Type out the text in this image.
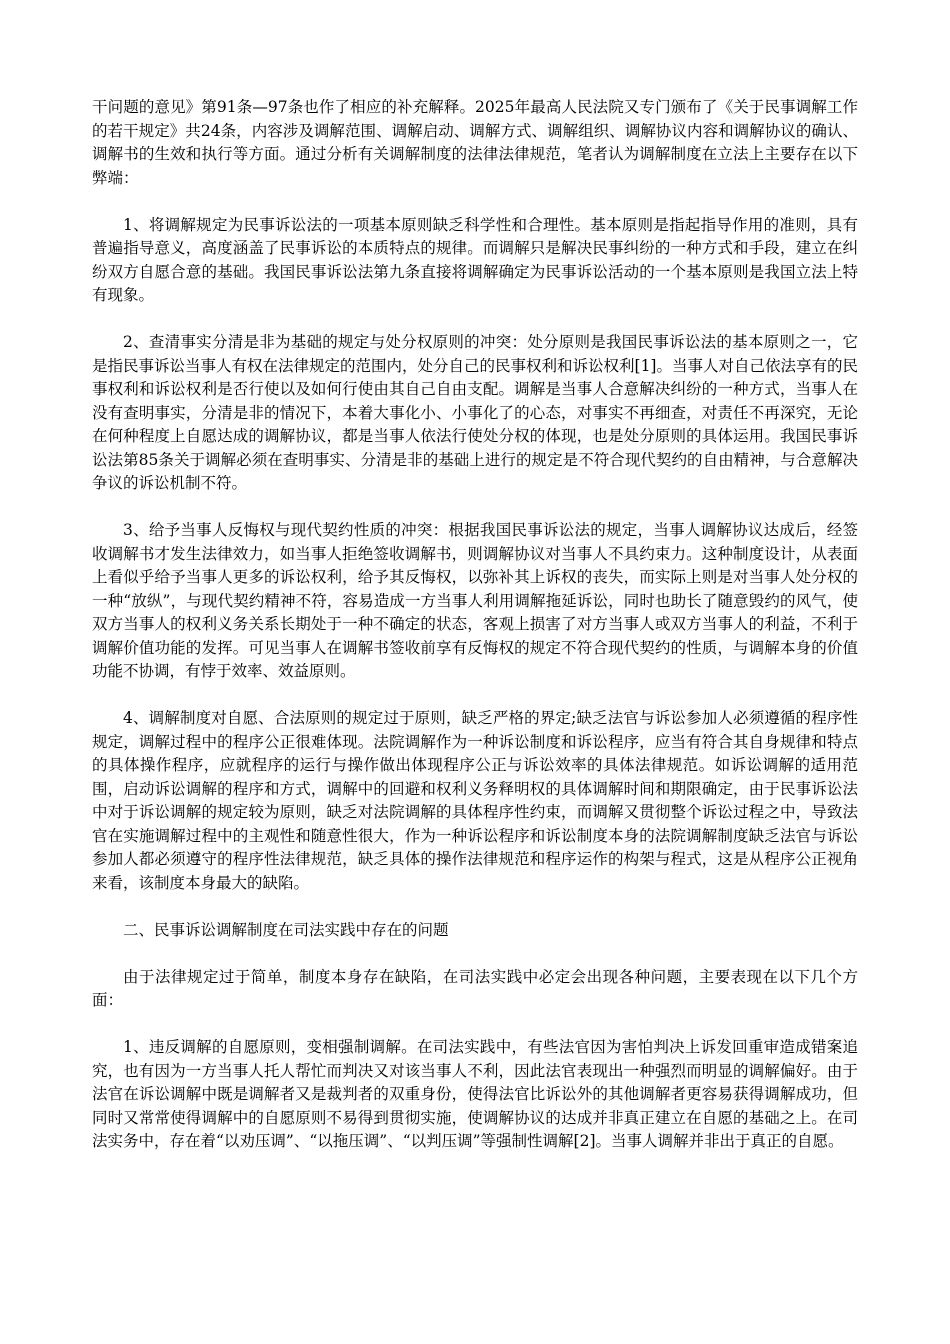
干问题的意见》第91条—97条也作了相应的补充解释。2025年最高人民法院又专门颁布了《关于民事调解工作的若干规定》共24条，内容涉及调解范围、调解启动、调解方式、调解组织、调解协议内容和调解协议的确认、调解书的生效和执行等方面。通过分析有关调解制度的法律法律规范，笔者认为调解制度在立法上主要存在以下弊端：

1、将调解规定为民事诉讼法的一项基本原则缺乏科学性和合理性。基本原则是指起指导作用的准则，具有普遍指导意义，高度涵盖了民事诉讼的本质特点的规律。而调解只是解决民事纠纷的一种方式和手段，建立在纠纷双方自愿合意的基础。我国民事诉讼法第九条直接将调解确定为民事诉讼活动的一个基本原则是我国立法上特有现象。

2、查清事实分清是非为基础的规定与处分权原则的冲突：处分原则是我国民事诉讼法的基本原则之一，它是指民事诉讼当事人有权在法律规定的范围内，处分自己的民事权利和诉讼权利[1]。当事人对自己依法享有的民事权利和诉讼权利是否行使以及如何行使由其自己自由支配。调解是当事人合意解决纠纷的一种方式，当事人在没有查明事实，分清是非的情况下，本着大事化小、小事化了的心态，对事实不再细查，对责任不再深究，无论在何种程度上自愿达成的调解协议，都是当事人依法行使处分权的体现，也是处分原则的具体运用。我国民事诉讼法第85条关于调解必须在查明事实、分清是非的基础上进行的规定是不符合现代契约的自由精神，与合意解决争议的诉讼机制不符。

3、给予当事人反悔权与现代契约性质的冲突：根据我国民事诉讼法的规定，当事人调解协议达成后，经签收调解书才发生法律效力，如当事人拒绝签收调解书，则调解协议对当事人不具约束力。这种制度设计，从表面上看似乎给予当事人更多的诉讼权利，给予其反悔权，以弥补其上诉权的丧失，而实际上则是对当事人处分权的一种“放纵”，与现代契约精神不符，容易造成一方当事人利用调解拖延诉讼，同时也助长了随意毁约的风气，使双方当事人的权利义务关系长期处于一种不确定的状态，客观上损害了对方当事人或双方当事人的利益，不利于调解价值功能的发挥。可见当事人在调解书签收前享有反悔权的规定不符合现代契约的性质，与调解本身的价值功能不协调，有悖于效率、效益原则。

4、调解制度对自愿、合法原则的规定过于原则，缺乏严格的界定;缺乏法官与诉讼参加人必须遵循的程序性规定，调解过程中的程序公正很难体现。法院调解作为一种诉讼制度和诉讼程序，应当有符合其自身规律和特点的具体操作程序，应就程序的运行与操作做出体现程序公正与诉讼效率的具体法律规范。如诉讼调解的适用范围，启动诉讼调解的程序和方式，调解中的回避和权利义务释明权的具体调解时间和期限确定，由于民事诉讼法中对于诉讼调解的规定较为原则，缺乏对法院调解的具体程序性约束，而调解又贯彻整个诉讼过程之中，导致法官在实施调解过程中的主观性和随意性很大，作为一种诉讼程序和诉讼制度本身的法院调解制度缺乏法官与诉讼参加人都必须遵守的程序性法律规范，缺乏具体的操作法律规范和程序运作的构架与程式，这是从程序公正视角来看，该制度本身最大的缺陷。

二、民事诉讼调解制度在司法实践中存在的问题

由于法律规定过于简单，制度本身存在缺陷，在司法实践中必定会出现各种问题，主要表现在以下几个方面：

1、违反调解的自愿原则，变相强制调解。在司法实践中，有些法官因为害怕判决上诉发回重审造成错案追究，也有因为一方当事人托人帮忙而判决又对该当事人不利，因此法官表现出一种强烈而明显的调解偏好。由于法官在诉讼调解中既是调解者又是裁判者的双重身份，使得法官比诉讼外的其他调解者更容易获得调解成功，但同时又常常使得调解中的自愿原则不易得到贯彻实施，使调解协议的达成并非真正建立在自愿的基础之上。在司法实务中，存在着“以劝压调”、“以拖压调”、“以判压调”等强制性调解[2]。当事人调解并非出于真正的自愿。
